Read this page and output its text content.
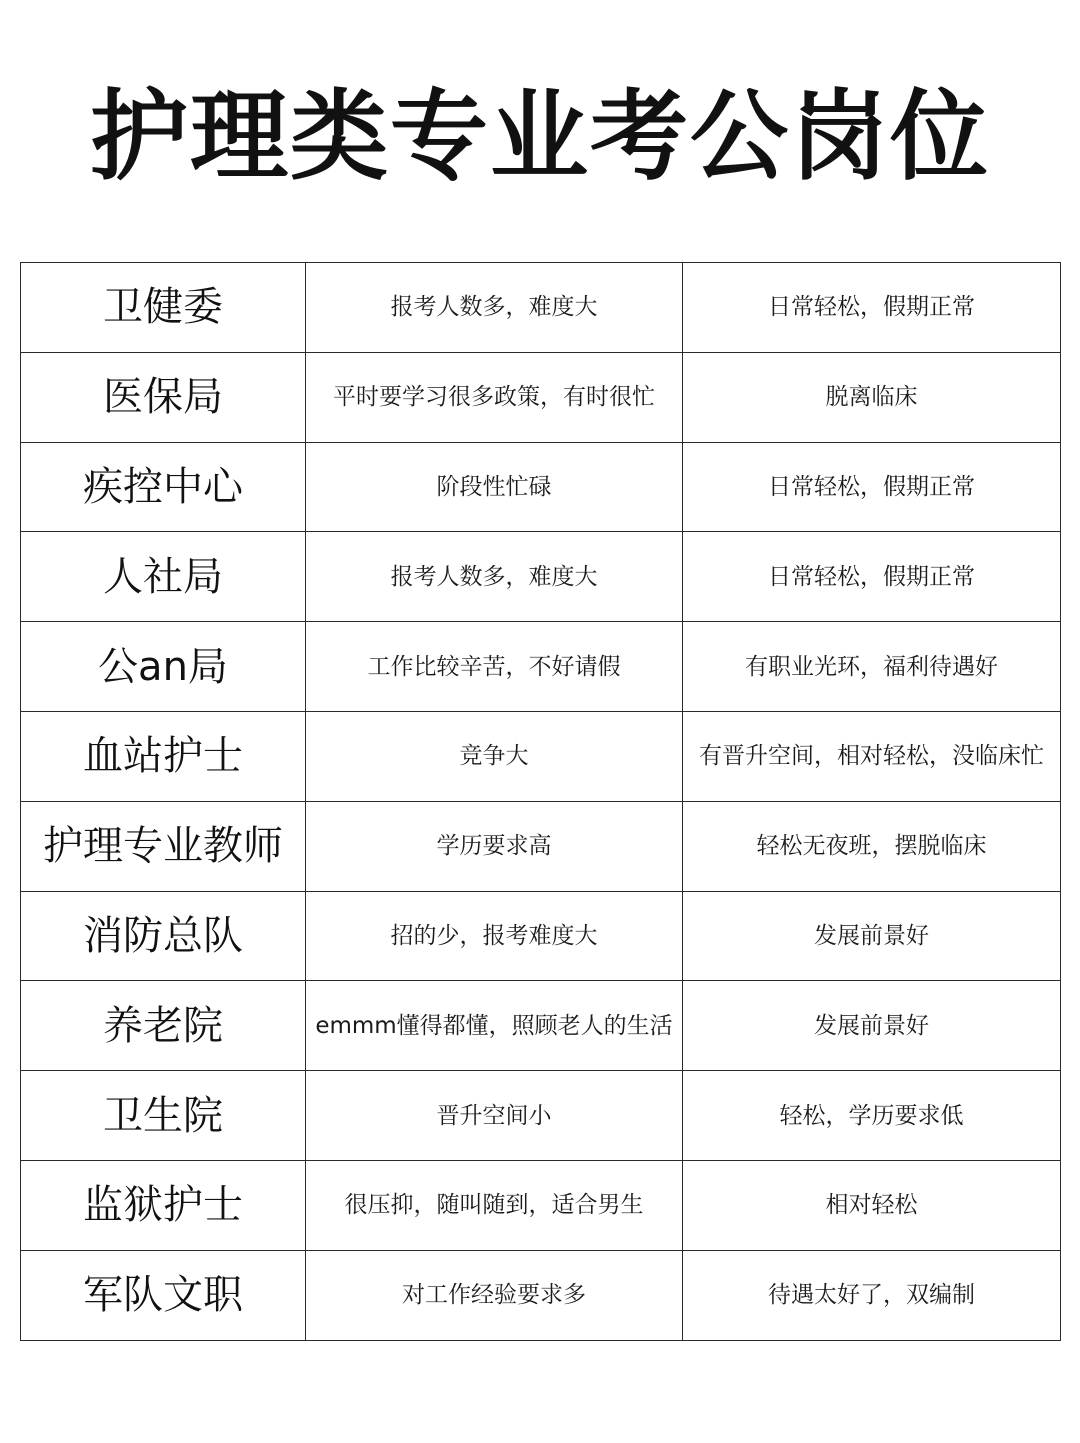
护理类专业考公岗位
卫健委	报考人数多，难度大	日常轻松，假期正常
医保局	平时要学习很多政策，有时很忙	脱离临床
疾控中心	阶段性忙碌	日常轻松，假期正常
人社局	报考人数多，难度大	日常轻松，假期正常
公an局	工作比较辛苦，不好请假	有职业光环，福利待遇好
血站护士	竞争大	有晋升空间，相对轻松，没临床忙
护理专业教师	学历要求高	轻松无夜班，摆脱临床
消防总队	招的少，报考难度大	发展前景好
养老院	emmm懂得都懂，照顾老人的生活	发展前景好
卫生院	晋升空间小	轻松，学历要求低
监狱护士	很压抑，随叫随到，适合男生	相对轻松
军队文职	对工作经验要求多	待遇太好了，双编制
